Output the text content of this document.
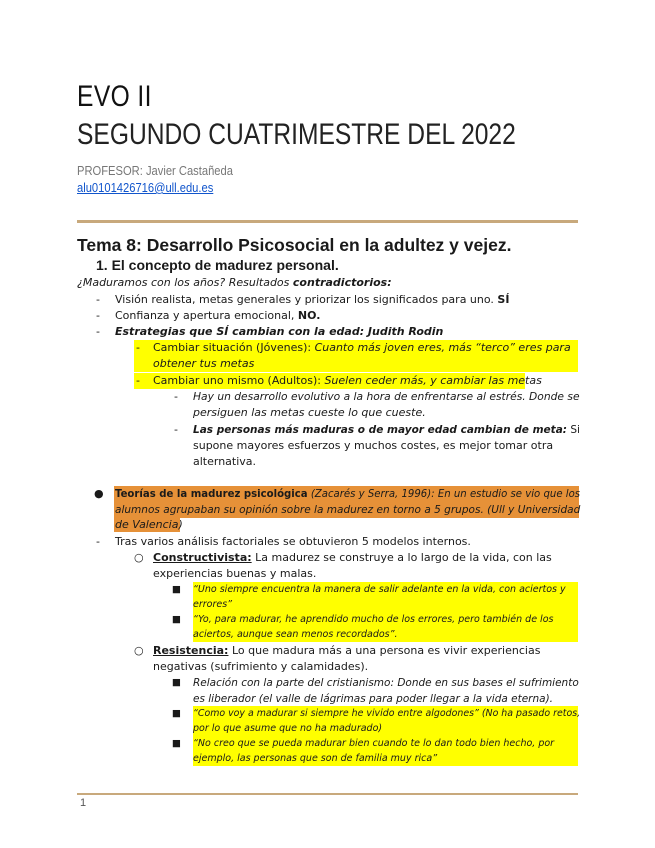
EVO II
SEGUNDO CUATRIMESTRE DEL 2022
PROFESOR: Javier Castañeda
alu0101426716@ull.edu.es
Tema 8: Desarrollo Psicosocial en la adultez y vejez.
1. El concepto de madurez personal.
¿Maduramos con los años? Resultados contradictorios:
- Visión realista, metas generales y priorizar los significados para uno. SÍ
- Confianza y apertura emocional, NO.
- Estrategias que SÍ cambian con la edad: Judith Rodin
- Cambiar situación (Jóvenes): Cuanto más joven eres, más “terco” eres para
obtener tus metas
- Cambiar uno mismo (Adultos): Suelen ceder más, y cambiar las metas
- Hay un desarrollo evolutivo a la hora de enfrentarse al estrés. Donde se
persiguen las metas cueste lo que cueste.
- Las personas más maduras o de mayor edad cambian de meta: Si
supone mayores esfuerzos y muchos costes, es mejor tomar otra
alternativa.
● Teorías de la madurez psicológica (Zacarés y Serra, 1996): En un estudio se vio que los
alumnos agrupaban su opinión sobre la madurez en torno a 5 grupos. (Ull y Universidad
de Valencia)
- Tras varios análisis factoriales se obtuvieron 5 modelos internos.
○ Constructivista: La madurez se construye a lo largo de la vida, con las
experiencias buenas y malas.
■ “Uno siempre encuentra la manera de salir adelante en la vida, con aciertos y
errores”
■ “Yo, para madurar, he aprendido mucho de los errores, pero también de los
aciertos, aunque sean menos recordados”.
○ Resistencia: Lo que madura más a una persona es vivir experiencias
negativas (sufrimiento y calamidades).
■ Relación con la parte del cristianismo: Donde en sus bases el sufrimiento
es liberador (el valle de lágrimas para poder llegar a la vida eterna).
■ “Como voy a madurar si siempre he vivido entre algodones” (No ha pasado retos,
por lo que asume que no ha madurado)
■ “No creo que se pueda madurar bien cuando te lo dan todo bien hecho, por
ejemplo, las personas que son de familia muy rica”
1
